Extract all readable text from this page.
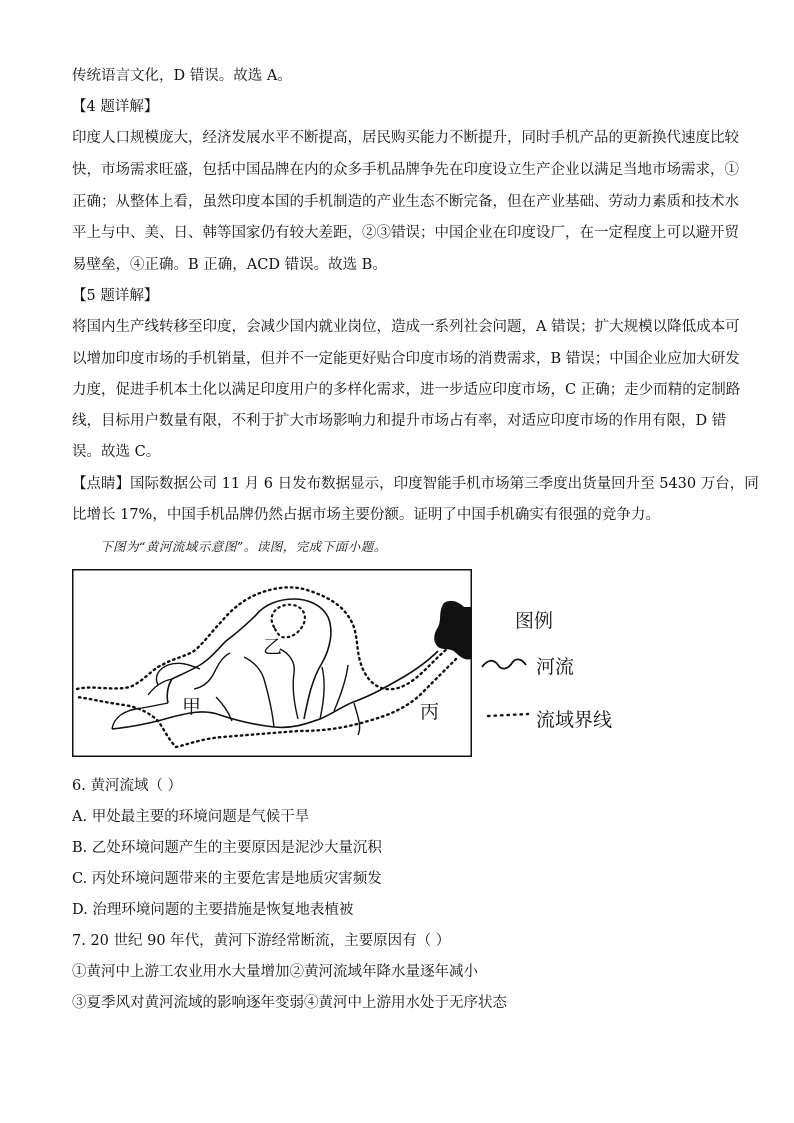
传统语言文化，D 错误。故选 A。
【4 题详解】
印度人口规模庞大，经济发展水平不断提高，居民购买能力不断提升，同时手机产品的更新换代速度比较
快，市场需求旺盛，包括中国品牌在内的众多手机品牌争先在印度设立生产企业以满足当地市场需求，①
正确；从整体上看，虽然印度本国的手机制造的产业生态不断完备，但在产业基础、劳动力素质和技术水
平上与中、美、日、韩等国家仍有较大差距，②③错误；中国企业在印度设厂，在一定程度上可以避开贸
易壁垒，④正确。B 正确，ACD 错误。故选 B。
【5 题详解】
将国内生产线转移至印度，会减少国内就业岗位，造成一系列社会问题，A 错误；扩大规模以降低成本可
以增加印度市场的手机销量，但并不一定能更好贴合印度市场的消费需求，B 错误；中国企业应加大研发
力度，促进手机本土化以满足印度用户的多样化需求，进一步适应印度市场，C 正确；走少而精的定制路
线，目标用户数量有限，不利于扩大市场影响力和提升市场占有率，对适应印度市场的作用有限，D 错
误。故选 C。
【点睛】国际数据公司 11 月 6 日发布数据显示，印度智能手机市场第三季度出货量回升至 5430 万台，同
比增长 17%，中国手机品牌仍然占据市场主要份额。证明了中国手机确实有很强的竞争力。
下图为“黄河流域示意图”。读图，完成下面小题。
甲
乙
丙
图例
河流
流域界线
6. 黄河流域（ ）
A. 甲处最主要的环境问题是气候干旱
B. 乙处环境问题产生的主要原因是泥沙大量沉积
C. 丙处环境问题带来的主要危害是地质灾害频发
D. 治理环境问题的主要措施是恢复地表植被
7. 20 世纪 90 年代，黄河下游经常断流，主要原因有（ ）
①黄河中上游工农业用水大量增加②黄河流域年降水量逐年减小
③夏季风对黄河流域的影响逐年变弱④黄河中上游用水处于无序状态
